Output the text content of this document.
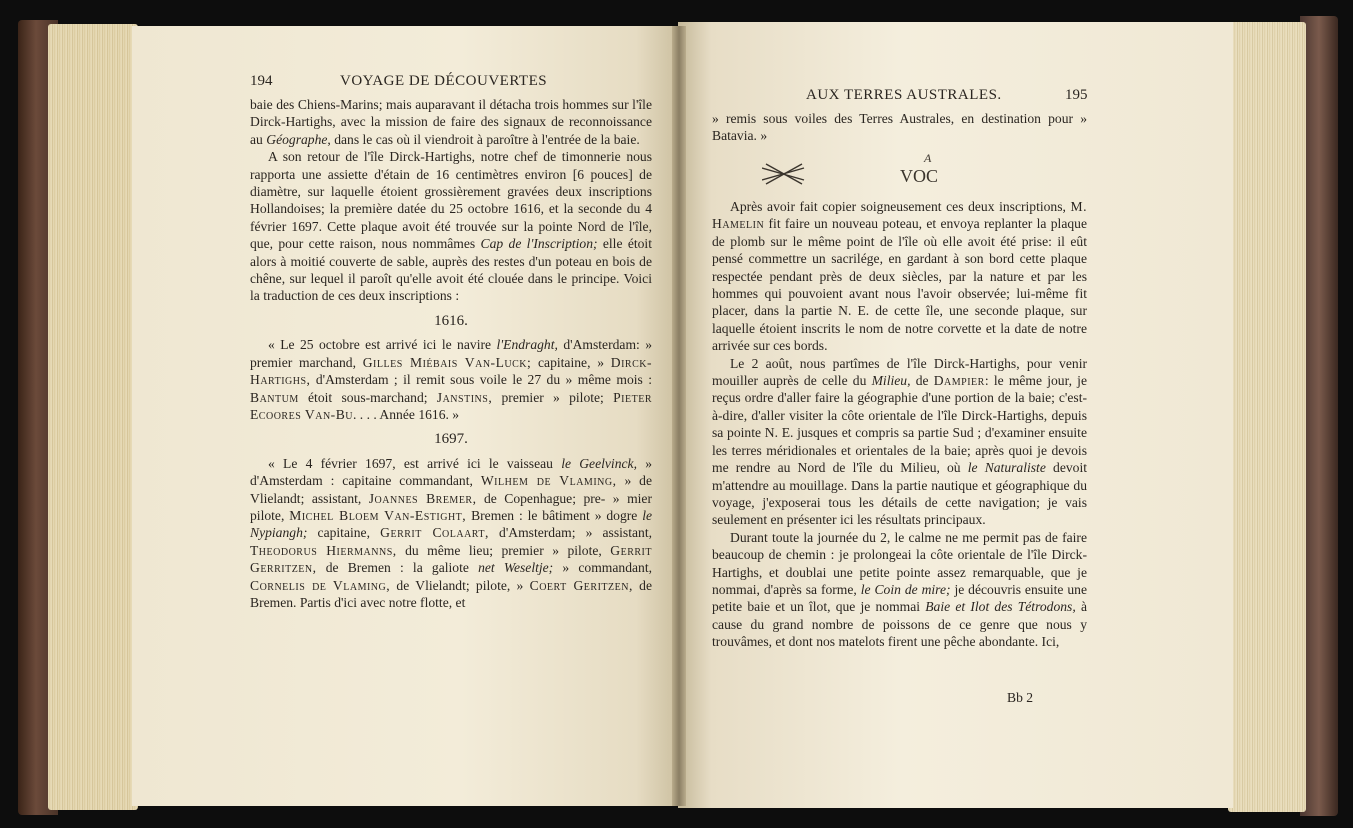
194	VOYAGE DE DÉCOUVERTES

baie des Chiens-Marins; mais auparavant il détacha trois hommes sur l'île Dirck-Hartighs, avec la mission de faire des signaux de reconnoissance au Géographe, dans le cas où il viendroit à paroître à l'entrée de la baie.

A son retour de l'île Dirck-Hartighs, notre chef de timonnerie nous rapporta une assiette d'étain de 16 centimètres environ [6 pouces] de diamètre, sur laquelle étoient grossièrement gravées deux inscriptions Hollandoises; la première datée du 25 octobre 1616, et la seconde du 4 février 1697. Cette plaque avoit été trouvée sur la pointe Nord de l'île, que, pour cette raison, nous nommâmes Cap de l'Inscription; elle étoit alors à moitié couverte de sable, auprès des restes d'un poteau en bois de chêne, sur lequel il paroît qu'elle avoit été clouée dans le principe. Voici la traduction de ces deux inscriptions :

1616.

« Le 25 octobre est arrivé ici le navire l'Endraght, d'Amsterdam: » premier marchand, Gilles Miébais Van-Luck; capitaine, » Dirck-Hartighs, d'Amsterdam ; il remit sous voile le 27 du » même mois : Bantum étoit sous-marchand; Janstins, premier » pilote; Pieter Ecoores Van-Bu. . . . Année 1616. »

1697.

« Le 4 février 1697, est arrivé ici le vaisseau le Geelvinck, » d'Amsterdam : capitaine commandant, Wilhem de Vlaming, » de Vlielandt; assistant, Joannes Bremer, de Copenhague; pre- » mier pilote, Michel Bloem Van-Estight, Bremen : le bâtiment » dogre le Nypiangh; capitaine, Gerrit Colaart, d'Amsterdam; » assistant, Theodorus Hiermanns, du même lieu; premier » pilote, Gerrit Gerritzen, de Bremen : la galiote net Weseltje; » commandant, Cornelis de Vlaming, de Vlielandt; pilote, » Coert Geritzen, de Bremen. Partis d'ici avec notre flotte, et

AUX TERRES AUSTRALES.	195

» remis sous voiles des Terres Australes, en destination pour » Batavia. »

A
VOC

Après avoir fait copier soigneusement ces deux inscriptions, M. Hamelin fit faire un nouveau poteau, et envoya replanter la plaque de plomb sur le même point de l'île où elle avoit été prise: il eût pensé commettre un sacrilége, en gardant à son bord cette plaque respectée pendant près de deux siècles, par la nature et par les hommes qui pouvoient avant nous l'avoir observée; lui-même fit placer, dans la partie N. E. de cette île, une seconde plaque, sur laquelle étoient inscrits le nom de notre corvette et la date de notre arrivée sur ces bords.

Le 2 août, nous partîmes de l'île Dirck-Hartighs, pour venir mouiller auprès de celle du Milieu, de Dampier: le même jour, je reçus ordre d'aller faire la géographie d'une portion de la baie; c'est-à-dire, d'aller visiter la côte orientale de l'île Dirck-Hartighs, depuis sa pointe N. E. jusques et compris sa partie Sud ; d'examiner ensuite les terres méridionales et orientales de la baie; après quoi je devois me rendre au Nord de l'île du Milieu, où le Naturaliste devoit m'attendre au mouillage. Dans la partie nautique et géographique du voyage, j'exposerai tous les détails de cette navigation; je vais seulement en présenter ici les résultats principaux.

Durant toute la journée du 2, le calme ne me permit pas de faire beaucoup de chemin : je prolongeai la côte orientale de l'île Dirck-Hartighs, et doublai une petite pointe assez remarquable, que je nommai, d'après sa forme, le Coin de mire; je découvris ensuite une petite baie et un îlot, que je nommai Baie et Ilot des Tétrodons, à cause du grand nombre de poissons de ce genre que nous y trouvâmes, et dont nos matelots firent une pêche abondante. Ici,

Bb 2
